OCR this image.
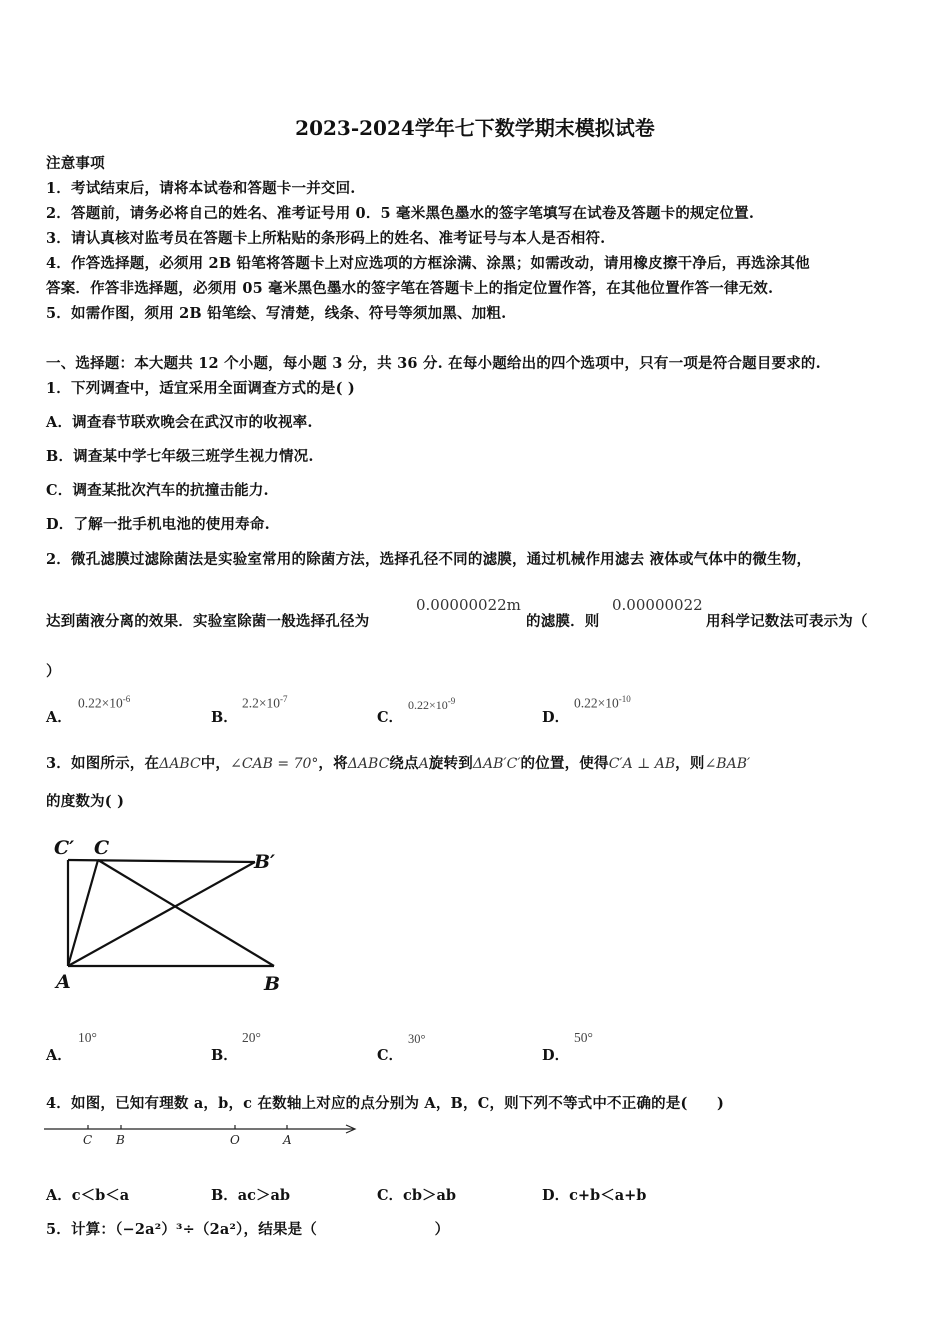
2023-2024学年七下数学期末模拟试卷
注意事项
1．考试结束后，请将本试卷和答题卡一并交回.
2．答题前，请务必将自己的姓名、准考证号用 0．5 毫米黑色墨水的签字笔填写在试卷及答题卡的规定位置.
3．请认真核对监考员在答题卡上所粘贴的条形码上的姓名、准考证号与本人是否相符.
4．作答选择题，必须用 2B 铅笔将答题卡上对应选项的方框涂满、涂黑；如需改动，请用橡皮擦干净后，再选涂其他
答案．作答非选择题，必须用 05 毫米黑色墨水的签字笔在答题卡上的指定位置作答，在其他位置作答一律无效.
5．如需作图，须用 2B 铅笔绘、写清楚，线条、符号等须加黑、加粗.
一、选择题：本大题共 12 个小题，每小题 3 分，共 36 分. 在每小题给出的四个选项中，只有一项是符合题目要求的.
1．下列调查中，适宜采用全面调查方式的是( )
A．调查春节联欢晚会在武汉市的收视率.
B．调查某中学七年级三班学生视力情况.
C．调查某批次汽车的抗撞击能力.
D．了解一批手机电池的使用寿命.
2．微孔滤膜过滤除菌法是实验室常用的除菌方法，选择孔径不同的滤膜，通过机械作用滤去 液体或气体中的微生物，
达到菌液分离的效果．实验室除菌一般选择孔径为
0.00000022m
的滤膜．则
0.00000022
用科学记数法可表示为（
）
A．
$0.22\times 10^{-6}$
B．
$2.2\times 10^{-7}$
C．
$0.22\times 10^{-9}$
D．
$0.22\times 10^{-10}$
3．如图所示，在ΔABC中，∠CAB = 70°，将ΔABC绕点A旋转到ΔAB′C′的位置，使得C′A ⊥ AB，则∠BAB′
的度数为( )
C′ C
B′
A	B
A．
10°
B．
20°
C．
30°
D．
50°
4．如图，已知有理数 a，b，c 在数轴上对应的点分别为 A，B，C，则下列不等式中不正确的是(　　)
C B	O	A
A．c＜b＜a	B．ac＞ab	C．cb＞ab	D．c+b＜a+b
5．计算：（−2a²）³÷（2a²），结果是（　　　　　　　　）
